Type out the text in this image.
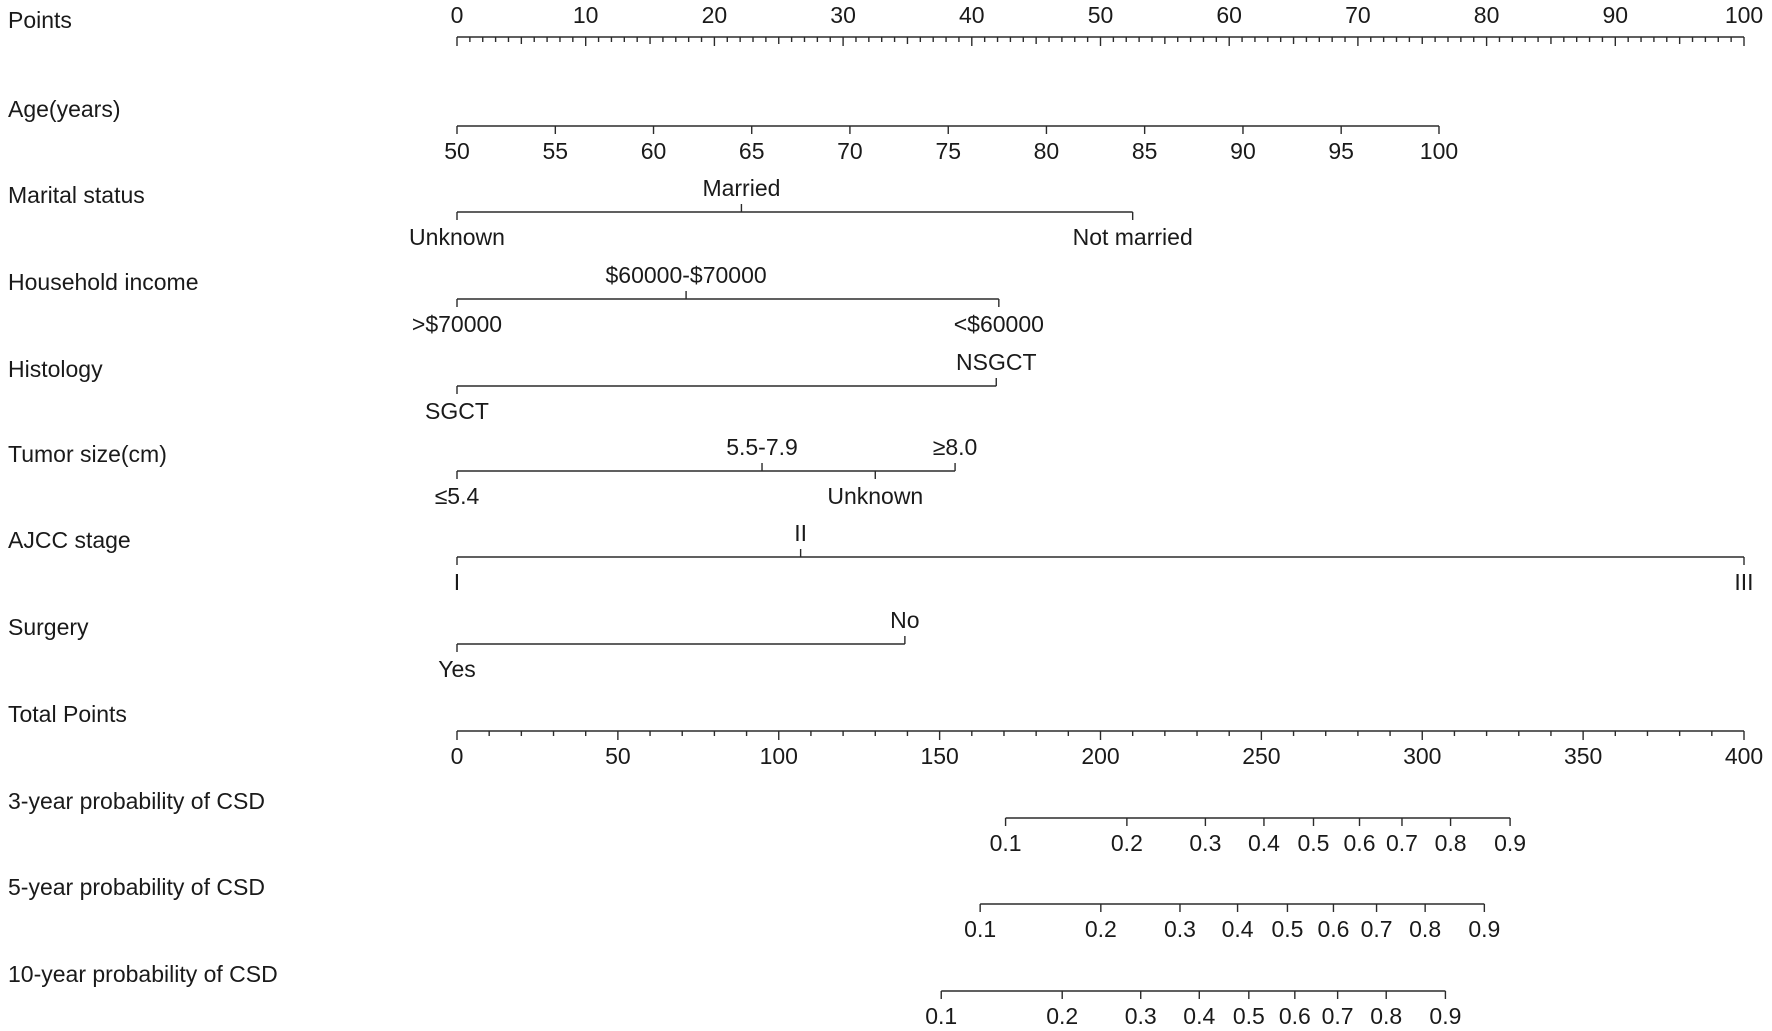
Points	0	10	20	30	40	50	60	70	80	90	100
Age(years)
50	55	60	65	70	75	80	85	90	95	100
Marital status
Unknown
Married
Not married
Household income
>$70000
$60000-$70000
<$60000
Histology
SGCT
NSGCT
Tumor size(cm)
≤5.4
5.5-7.9
Unknown
≥8.0
AJCC stage
I
II
III
Surgery
Yes
No
Total Points
0	50	100	150	200	250	300	350	400
3-year probability of CSD
0.1	0.2 0.3 0.4 0.5 0.6 0.7 0.8 0.9
5-year probability of CSD
0.1	0.2 0.3 0.4 0.5 0.6 0.7 0.8 0.9
10-year probability of CSD
0.1	0.2 0.3 0.4 0.5 0.6 0.7 0.8 0.9
